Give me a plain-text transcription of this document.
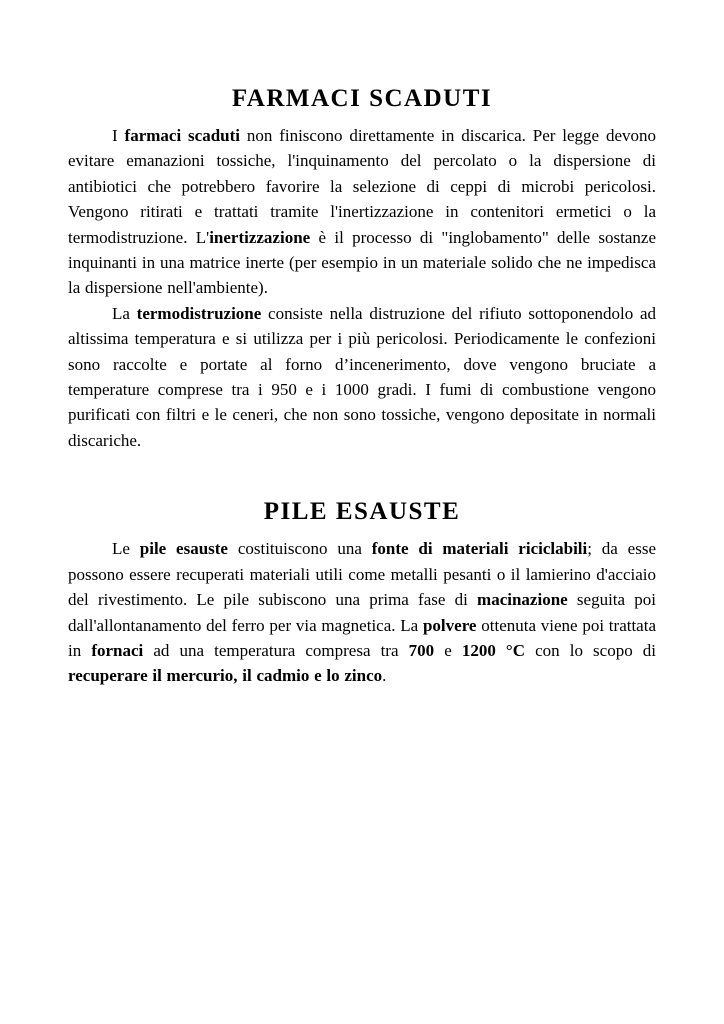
FARMACI SCADUTI

I farmaci scaduti non finiscono direttamente in discarica. Per legge devono evitare emanazioni tossiche, l'inquinamento del percolato o la dispersione di antibiotici che potrebbero favorire la selezione di ceppi di microbi pericolosi. Vengono ritirati e trattati tramite l'inertizzazione in contenitori ermetici o la termodistruzione. L'inertizzazione è il processo di "inglobamento" delle sostanze inquinanti in una matrice inerte (per esempio in un materiale solido che ne impedisca la dispersione nell'ambiente).

La termodistruzione consiste nella distruzione del rifiuto sottoponendolo ad altissima temperatura e si utilizza per i più pericolosi. Periodicamente le confezioni sono raccolte e portate al forno d’incenerimento, dove vengono bruciate a temperature comprese tra i 950 e i 1000 gradi. I fumi di combustione vengono purificati con filtri e le ceneri, che non sono tossiche, vengono depositate in normali discariche.

PILE ESAUSTE

Le pile esauste costituiscono una fonte di materiali riciclabili; da esse possono essere recuperati materiali utili come metalli pesanti o il lamierino d'acciaio del rivestimento. Le pile subiscono una prima fase di macinazione seguita poi dall'allontanamento del ferro per via magnetica. La polvere ottenuta viene poi trattata in fornaci ad una temperatura compresa tra 700 e 1200 °C con lo scopo di recuperare il mercurio, il cadmio e lo zinco.
